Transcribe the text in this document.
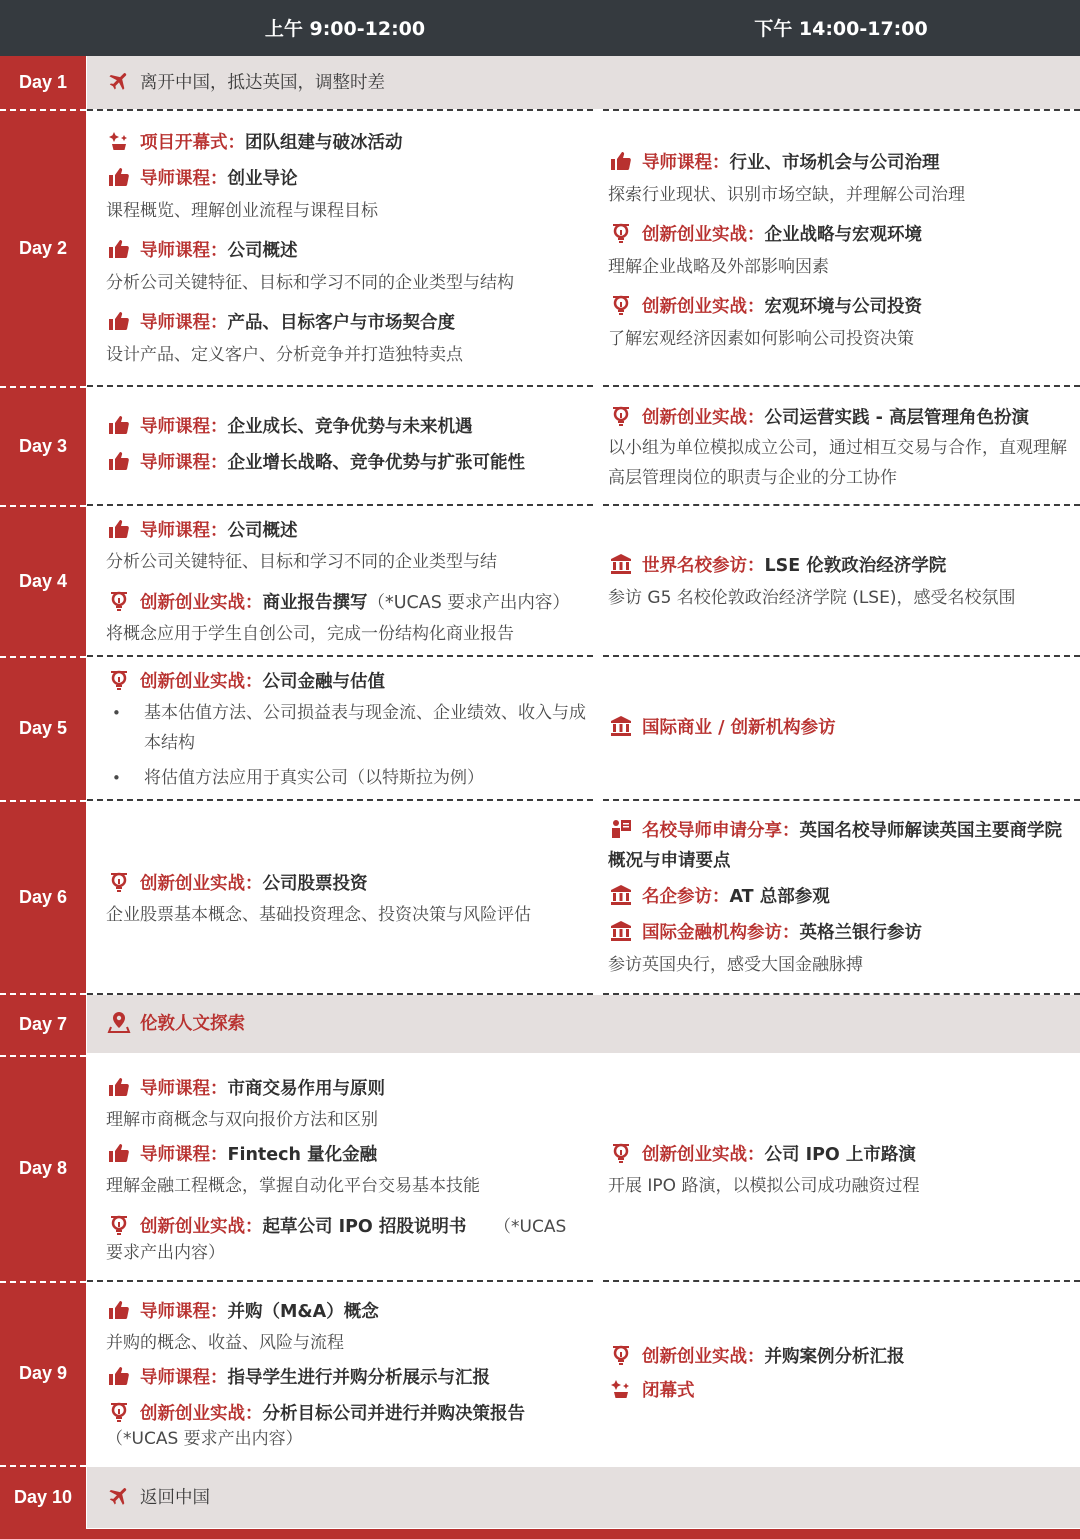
上午 9:00-12:00	下午 14:00-17:00
Day 1
Day 2
Day 3
Day 4
Day 5
Day 6
Day 7
Day 8
Day 9
Day 10
离开中国，抵达英国，调整时差
项目开幕式：团队组建与破冰活动
导师课程：创业导论
课程概览、理解创业流程与课程目标
导师课程：公司概述
分析公司关键特征、目标和学习不同的企业类型与结构
导师课程：产品、目标客户与市场契合度
设计产品、定义客户、分析竞争并打造独特卖点
导师课程：行业、市场机会与公司治理
探索行业现状、识别市场空缺，并理解公司治理
创新创业实战：企业战略与宏观环境
理解企业战略及外部影响因素
创新创业实战：宏观环境与公司投资
了解宏观经济因素如何影响公司投资决策
导师课程：企业成长、竞争优势与未来机遇
导师课程：企业增长战略、竞争优势与扩张可能性
创新创业实战：公司运营实践 - 高层管理角色扮演
以小组为单位模拟成立公司，通过相互交易与合作，直观理解高层管理岗位的职责与企业的分工协作
导师课程：公司概述
分析公司关键特征、目标和学习不同的企业类型与结
创新创业实战：商业报告撰写（*UCAS 要求产出内容）
将概念应用于学生自创公司，完成一份结构化商业报告
世界名校参访：LSE 伦敦政治经济学院
参访 G5 名校伦敦政治经济学院 (LSE)，感受名校氛围
创新创业实战：公司金融与估值
• 基本估值方法、公司损益表与现金流、企业绩效、收入与成本结构
• 将估值方法应用于真实公司（以特斯拉为例）
国际商业 / 创新机构参访
创新创业实战：公司股票投资
企业股票基本概念、基础投资理念、投资决策与风险评估
名校导师申请分享：英国名校导师解读英国主要商学院概况与申请要点
名企参访：AT 总部参观
国际金融机构参访：英格兰银行参访
参访英国央行，感受大国金融脉搏
伦敦人文探索
导师课程：市商交易作用与原则
理解市商概念与双向报价方法和区别
导师课程：Fintech 量化金融
理解金融工程概念，掌握自动化平台交易基本技能
创新创业实战：起草公司 IPO 招股说明书	（*UCAS 要求产出内容）
创新创业实战：公司 IPO 上市路演
开展 IPO 路演，以模拟公司成功融资过程
导师课程：并购（M&A）概念
并购的概念、收益、风险与流程
导师课程：指导学生进行并购分析展示与汇报
创新创业实战：分析目标公司并进行并购决策报告
（*UCAS 要求产出内容）
创新创业实战：并购案例分析汇报
闭幕式
返回中国
